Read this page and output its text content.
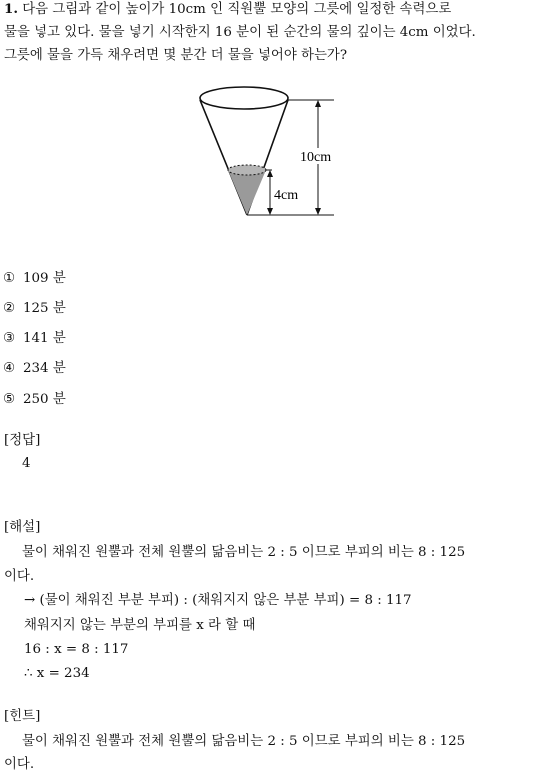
1. 다음 그림과 같이 높이가 10cm 인 직원뿔 모양의 그릇에 일정한 속력으로
물을 넣고 있다. 물을 넣기 시작한지 16 분이 된 순간의 물의 깊이는 4cm 이었다.
그릇에 물을 가득 채우려면 몇 분간 더 물을 넣어야 하는가?
10cm
4cm
① 109 분
② 125 분
③ 141 분
④ 234 분
⑤ 250 분
[정답]
4
[해설]
물이 채워진 원뿔과 전체 원뿔의 닮음비는 2 : 5 이므로 부피의 비는 8 : 125
이다.
→ (물이 채워진 부분 부피) : (채워지지 않은 부분 부피) = 8 : 117
채워지지 않는 부분의 부피를 x 라 할 때
16 : x = 8 : 117
∴ x = 234
[힌트]
물이 채워진 원뿔과 전체 원뿔의 닮음비는 2 : 5 이므로 부피의 비는 8 : 125
이다.
